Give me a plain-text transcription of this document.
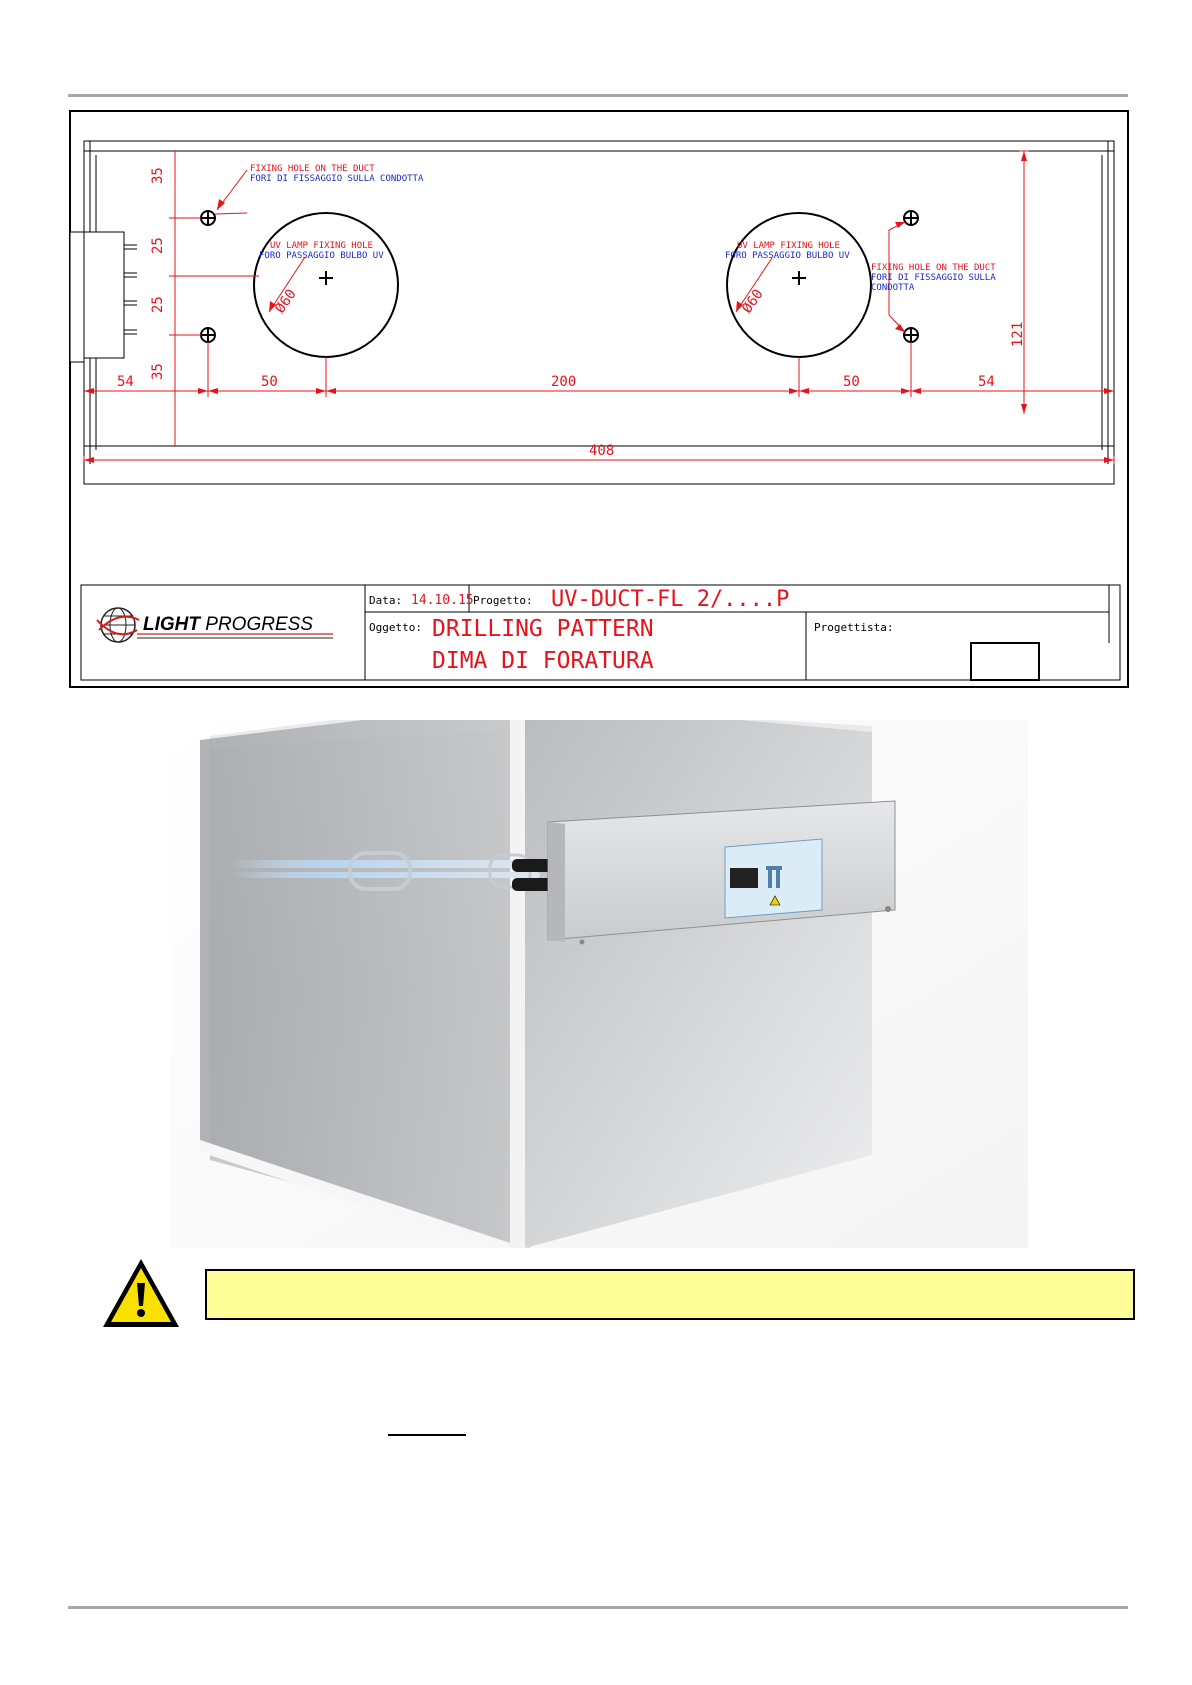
35
25
25
35
54	50	200	50	54
408
121
Ø60	Ø60
FIXING HOLE ON THE DUCT
FORI DI FISSAGGIO SULLA CONDOTTA
UV LAMP FIXING HOLE
FORO PASSAGGIO BULBO UV
UV LAMP FIXING HOLE
FORO PASSAGGIO BULBO UV
FIXING HOLE ON THE DUCT
FORI DI FISSAGGIO SULLA
CONDOTTA
LIGHT PROGRESS
Data: 14.10.15 Progetto: UV-DUCT-FL 2/....P
Oggetto: DRILLING PATTERN
DIMA DI FORATURA
Progettista:
